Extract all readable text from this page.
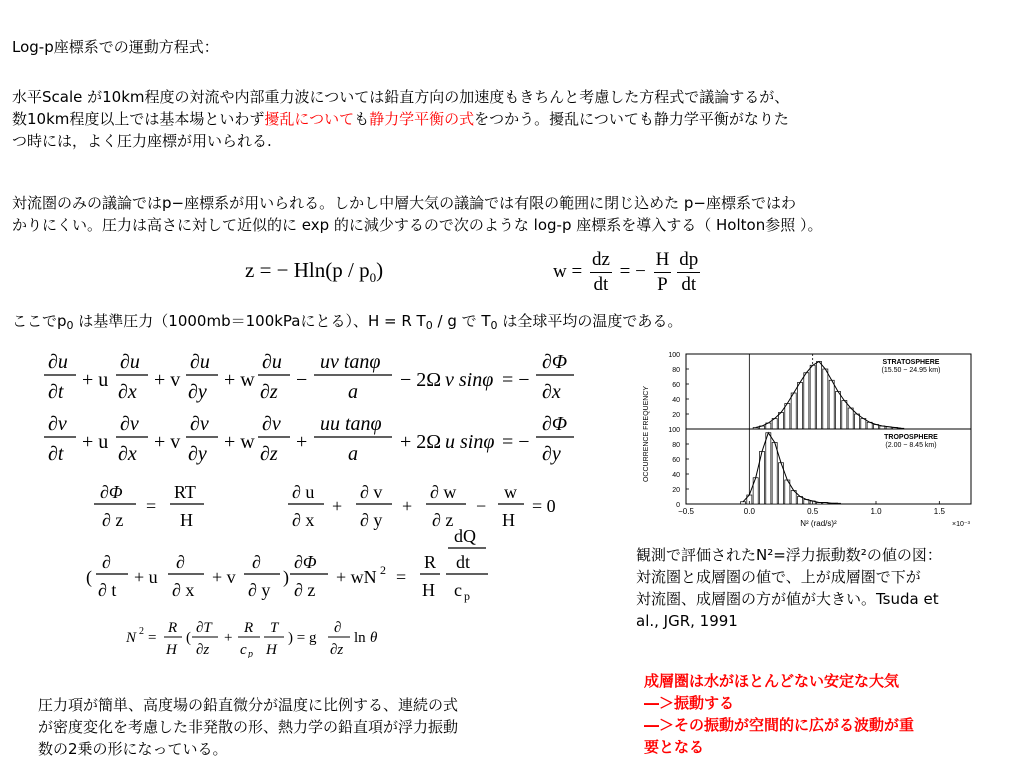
Log-p座標系での運動方程式：
水平Scale が10km程度の対流や内部重力波については鉛直方向の加速度もきちんと考慮した方程式で議論するが、
数10km程度以上では基本場といわず擾乱についても静力学平衡の式をつかう。擾乱についても静力学平衡がなりた
つ時には，よく圧力座標が用いられる.
対流圏のみの議論ではp−座標系が用いられる。しかし中層大気の議論では有限の範囲に閉じ込めた p−座標系ではわ
かりにくい。圧力は高さに対して近似的に exp 的に減少するので次のような log-p 座標系を導入する（ Holton参照 ）。
z = − $Hln(p / p_0)$	$w = \frac{dz}{dt}$ = − $\frac{H}{P} \frac{dp}{dt}$
ここで$p_0$ は基準圧力（1000mb＝100kPaにとる）、H = R $T_0$ / g で $T_0$ は全球平均の温度である。
∂u
∂t
+ u
∂u
∂x
+ v
∂u
∂y
+ w
∂u
∂z
−
uv tanφ
a
− 2Ω v sinφ = −
∂Φ
∂x
∂v
∂t
+ u
∂v
∂x
+ v
∂v
∂y
+ w
∂v
∂z
+
uu tanφ
a
+ 2Ω u sinφ = −
∂Φ
∂y
∂Φ
∂ z
=
RT
H
∂ u
∂ x
+
∂ v
∂ y
+
∂ w
∂ z
−
w
H
= 0
(
∂
∂ t
+ u
∂
∂ x
+ v
∂
∂ y
)
∂Φ
∂ z
+ wN 2 =
R
H
dQ
dt
c p
N 2 =
R
H
(
∂T
∂z
+
R
c p
T
H
) = g
∂
∂z
ln θ
100
80
60
40
20
STRATOSPHERE
(15.50 − 24.95 km)
100
80
60
40
20
0
TROPOSPHERE
(2.00 − 8.45 km)
−0.5	0.0	0.5	1.0	1.5
N² (rad/s)²	×10⁻³
OCCURRENCE FREQUENCY
観測で評価されたN²=浮力振動数²の値の図：
対流圏と成層圏の値で、上が成層圏で下が
対流圏、成層圏の方が値が大きい。Tsuda et
al., JGR, 1991
成層圏は水がほとんどない安定な大気
―＞振動する
―＞その振動が空間的に広がる波動が重
要となる
圧力項が簡単、高度場の鉛直微分が温度に比例する、連続の式
が密度変化を考慮した非発散の形、熱力学の鉛直項が浮力振動
数の2乗の形になっている。
